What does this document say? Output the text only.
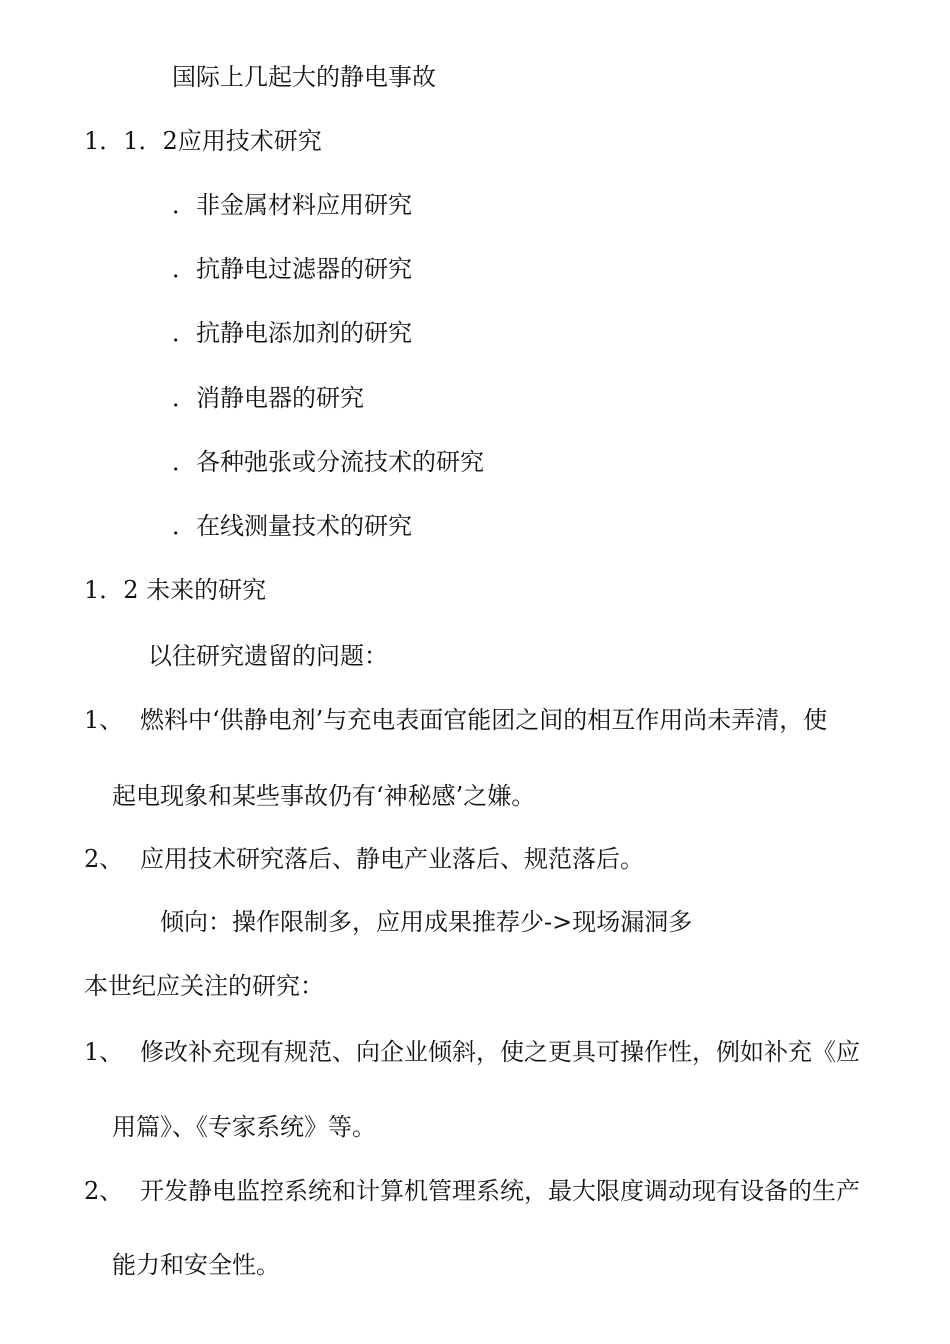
国际上几起大的静电事故
1．1．2应用技术研究
．非金属材料应用研究
．抗静电过滤器的研究
．抗静电添加剂的研究
．消静电器的研究
．各种弛张或分流技术的研究
．在线测量技术的研究
1．2 未来的研究
以往研究遗留的问题：
1、 燃料中‘供静电剂’与充电表面官能团之间的相互作用尚未弄清，使
起电现象和某些事故仍有‘神秘感’之嫌。
2、 应用技术研究落后、静电产业落后、规范落后。
倾向：操作限制多，应用成果推荐少->现场漏洞多
本世纪应关注的研究：
1、 修改补充现有规范、向企业倾斜，使之更具可操作性，例如补充《应
用篇》、《专家系统》等。
2、 开发静电监控系统和计算机管理系统，最大限度调动现有设备的生产
能力和安全性。
